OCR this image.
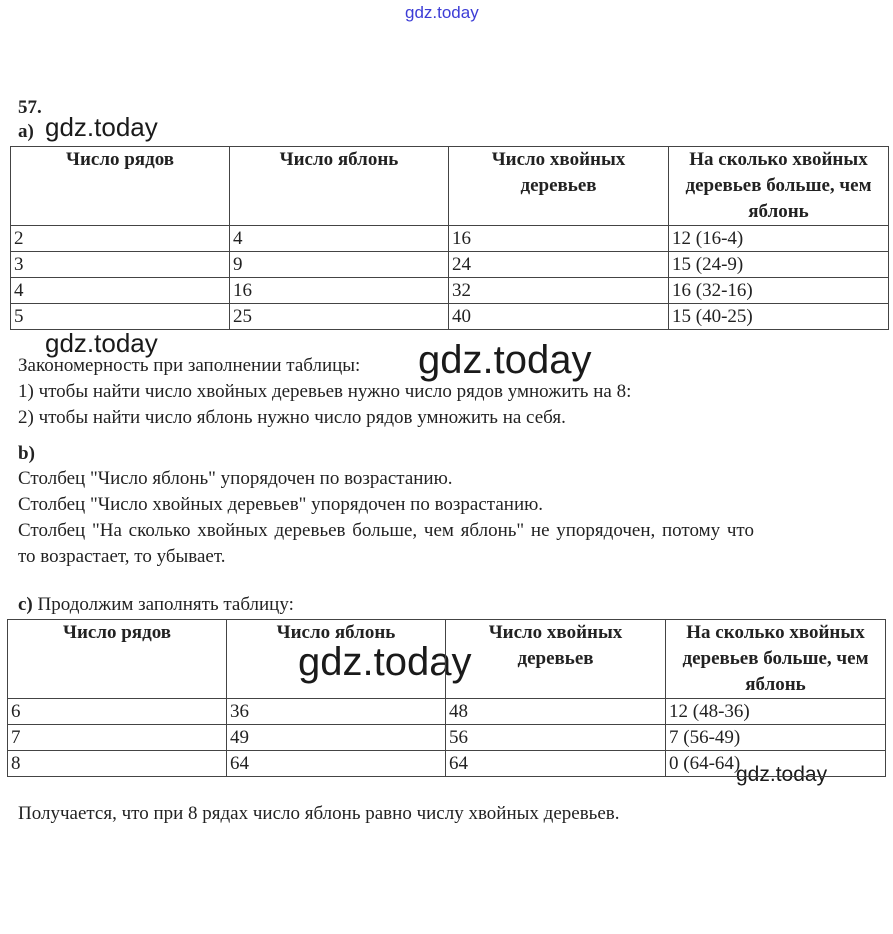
gdz.today
gdz.today
gdz.today	gdz.today
gdz.today
gdz.today
57.
a)
Число рядов	Число яблонь	Число хвойных деревьев	На сколько хвойных деревьев больше, чем яблонь
2	4	16	12 (16-4)
3	9	24	15 (24-9)
4	16	32	16 (32-16)
5	25	40	15 (40-25)
Закономерность при заполнении таблицы:
1) чтобы найти число хвойных деревьев нужно число рядов умножить на 8:
2) чтобы найти число яблонь нужно число рядов умножить на себя.
b)
Столбец "Число яблонь" упорядочен по возрастанию.
Столбец "Число хвойных деревьев" упорядочен по возрастанию.
Столбец "На сколько хвойных деревьев больше, чем яблонь" не упорядочен, потому что
то возрастает, то убывает.
c) Продолжим заполнять таблицу:
Число рядов	Число яблонь	Число хвойных деревьев	На сколько хвойных деревьев больше, чем яблонь
6	36	48	12 (48-36)
7	49	56	7 (56-49)
8	64	64	0 (64-64)
Получается, что при 8 рядах число яблонь равно числу хвойных деревьев.
